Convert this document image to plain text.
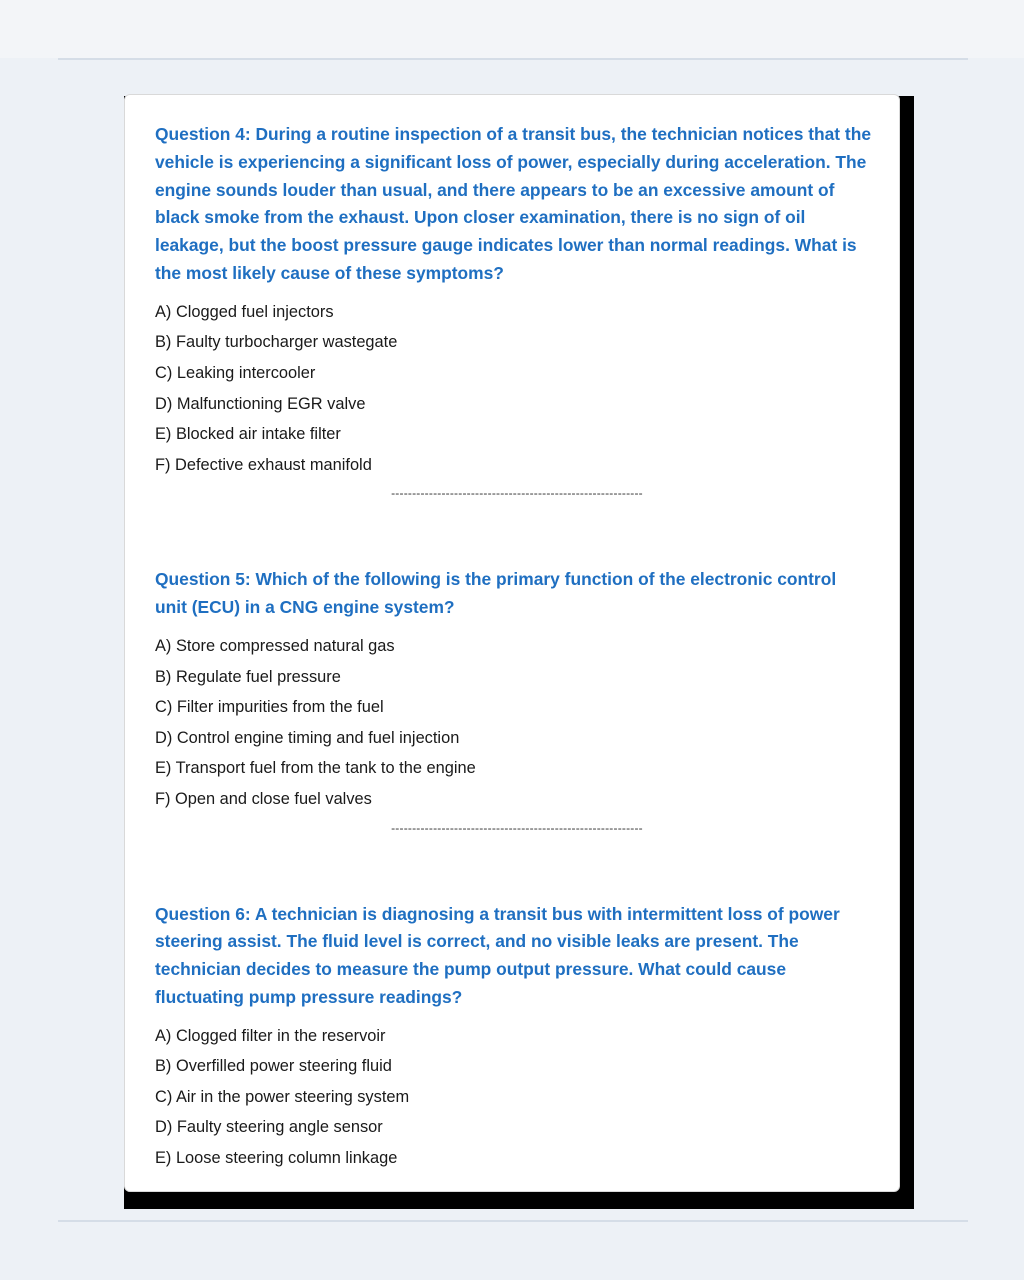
Question 4: During a routine inspection of a transit bus, the technician notices that the vehicle is experiencing a significant loss of power, especially during acceleration. The engine sounds louder than usual, and there appears to be an excessive amount of black smoke from the exhaust. Upon closer examination, there is no sign of oil leakage, but the boost pressure gauge indicates lower than normal readings. What is the most likely cause of these symptoms?

A) Clogged fuel injectors
B) Faulty turbocharger wastegate
C) Leaking intercooler
D) Malfunctioning EGR valve
E) Blocked air intake filter
F) Defective exhaust manifold
------------------------------------------------------------

Question 5: Which of the following is the primary function of the electronic control unit (ECU) in a CNG engine system?

A) Store compressed natural gas
B) Regulate fuel pressure
C) Filter impurities from the fuel
D) Control engine timing and fuel injection
E) Transport fuel from the tank to the engine
F) Open and close fuel valves
------------------------------------------------------------

Question 6: A technician is diagnosing a transit bus with intermittent loss of power steering assist. The fluid level is correct, and no visible leaks are present. The technician decides to measure the pump output pressure. What could cause fluctuating pump pressure readings?

A) Clogged filter in the reservoir
B) Overfilled power steering fluid
C) Air in the power steering system
D) Faulty steering angle sensor
E) Loose steering column linkage
